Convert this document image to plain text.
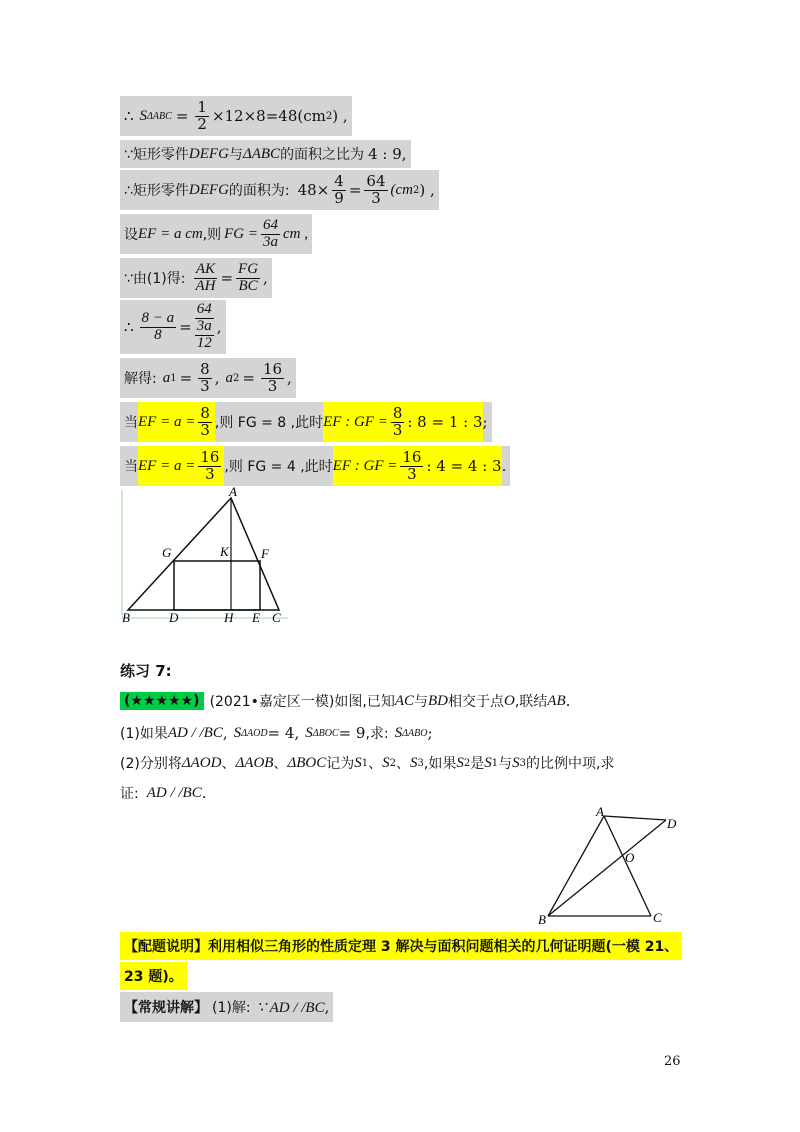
∴ S $\Delta ABC = \frac{1}{2} \times 12\times 8=48(cm$ 2 ) ,
∵矩形零件 DEFG 与 ΔABC 的面积之比为 4 : 9 ,
∴矩形零件 DEFG 的面积为: $48\times \frac{4}{9} = \frac{64}{3} (cm$ 2 ) ,
设 EF = a cm ,则 FG = $\frac{64}{3a}$ cm ,
∵由(1)得: $\frac{AK}{AH} = \frac{FG}{BC}$ ,
∴ $\frac{8 - a}{8}$ =
64
3a
12
,
解得: a $1 = \frac{8}{3}$ , a $2 = \frac{16}{3}$ ,
当 EF = $a = \frac{8}{3}$ ,则 FG = 8 ,此时 EF : GF = $\frac{8}{3}$ : 8 = 1 : 3 ;
当 EF = $a = \frac{16}{3}$ ,则 FG = 4 ,此时 EF : GF = $\frac{16}{3}$ : 4 = 4 : 3 .
A
G	K F
B	D	H E C
练习 7:
(★★★★★) (2021•嘉定区一模)如图,已知 AC 与 BD 相交于点 O ,联结 AB .
(1)如果 AD / /BC , S ΔAOD = 4 , S ΔBOC = 9 ,求: S ΔABO ;
(2)分别将 ΔAOD 、 ΔAOB 、 ΔBOC 记为 S 1 、 S 2 、 S 3 ,如果 S 2 是 S 1 与 S 3 的比例中项,求
证: AD / /BC .
A
D
O
B	C
【配题说明】利用相似三角形的性质定理 3 解决与面积问题相关的几何证明题(一模 21、
23 题)。
【常规讲解】 (1)解: ∵ AD / /BC ,
26
